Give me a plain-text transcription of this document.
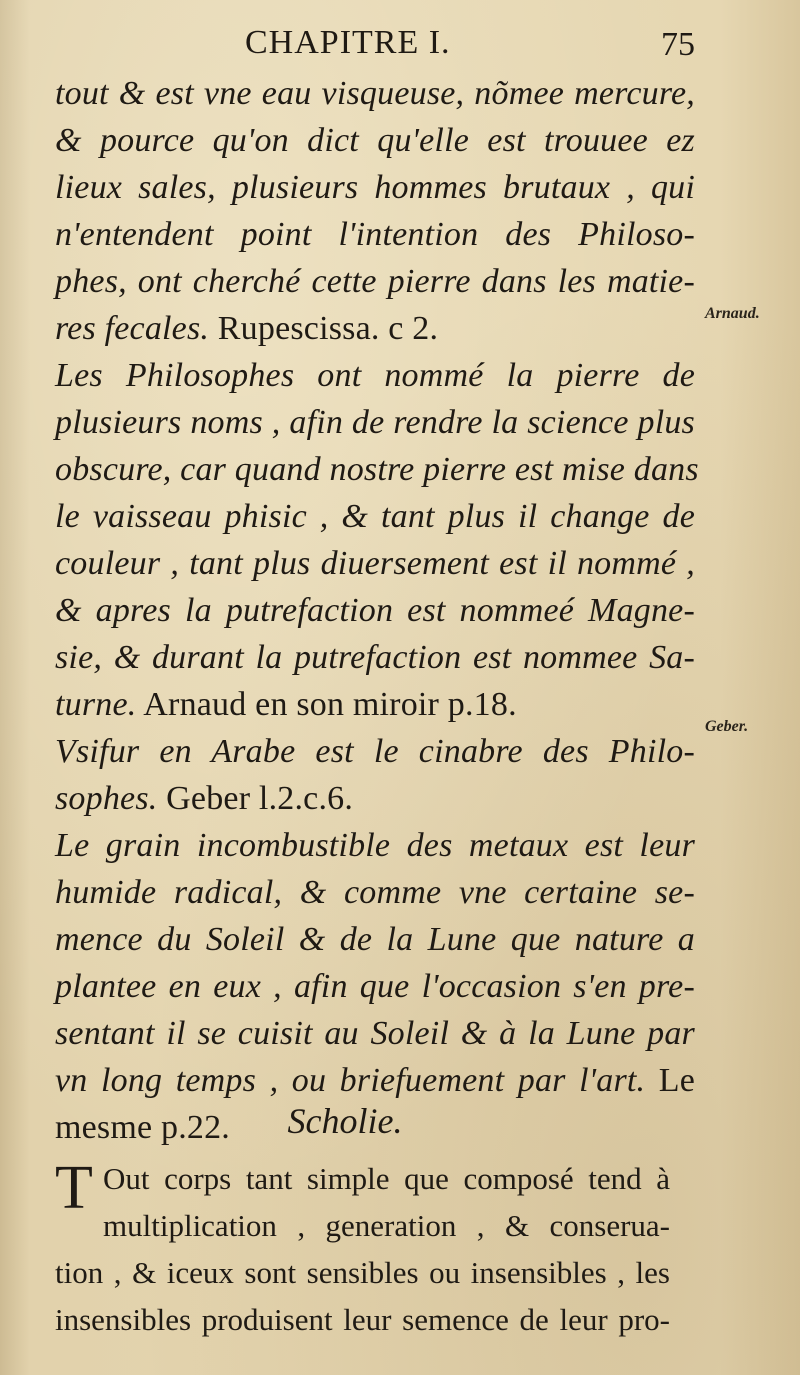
CHAPITRE I.	75
tout & est vne eau visqueuse, nõmee mercure,
& pource qu'on dict qu'elle est trouuee ez
lieux sales, plusieurs hommes brutaux , qui
n'entendent point l'intention des Philoso-
phes, ont cherché cette pierre dans les matie-
res fecales. Rupescissa. c 2.
Les Philosophes ont nommé la pierre de
plusieurs noms , afin de rendre la science plus
obscure, car quand nostre pierre est mise dans
le vaisseau phisic , & tant plus il change de
couleur , tant plus diuersement est il nommé ,
& apres la putrefaction est nommeé Magne-
sie, & durant la putrefaction est nommee Sa-
turne. Arnaud en son miroir p.18.
Vsifur en Arabe est le cinabre des Philo-
sophes. Geber l.2.c.6.
Le grain incombustible des metaux est leur
humide radical, & comme vne certaine se-
mence du Soleil & de la Lune que nature a
plantee en eux , afin que l'occasion s'en pre-
sentant il se cuisit au Soleil & à la Lune par
vn long temps , ou briefuement par l'art. Le
mesme p.22.
Arnaud.
Geber.
Scholie.
T Out corps tant simple que composé tend à
multiplication , generation , & conserua-
tion , & iceux sont sensibles ou insensibles , les
insensibles produisent leur semence de leur pro-
